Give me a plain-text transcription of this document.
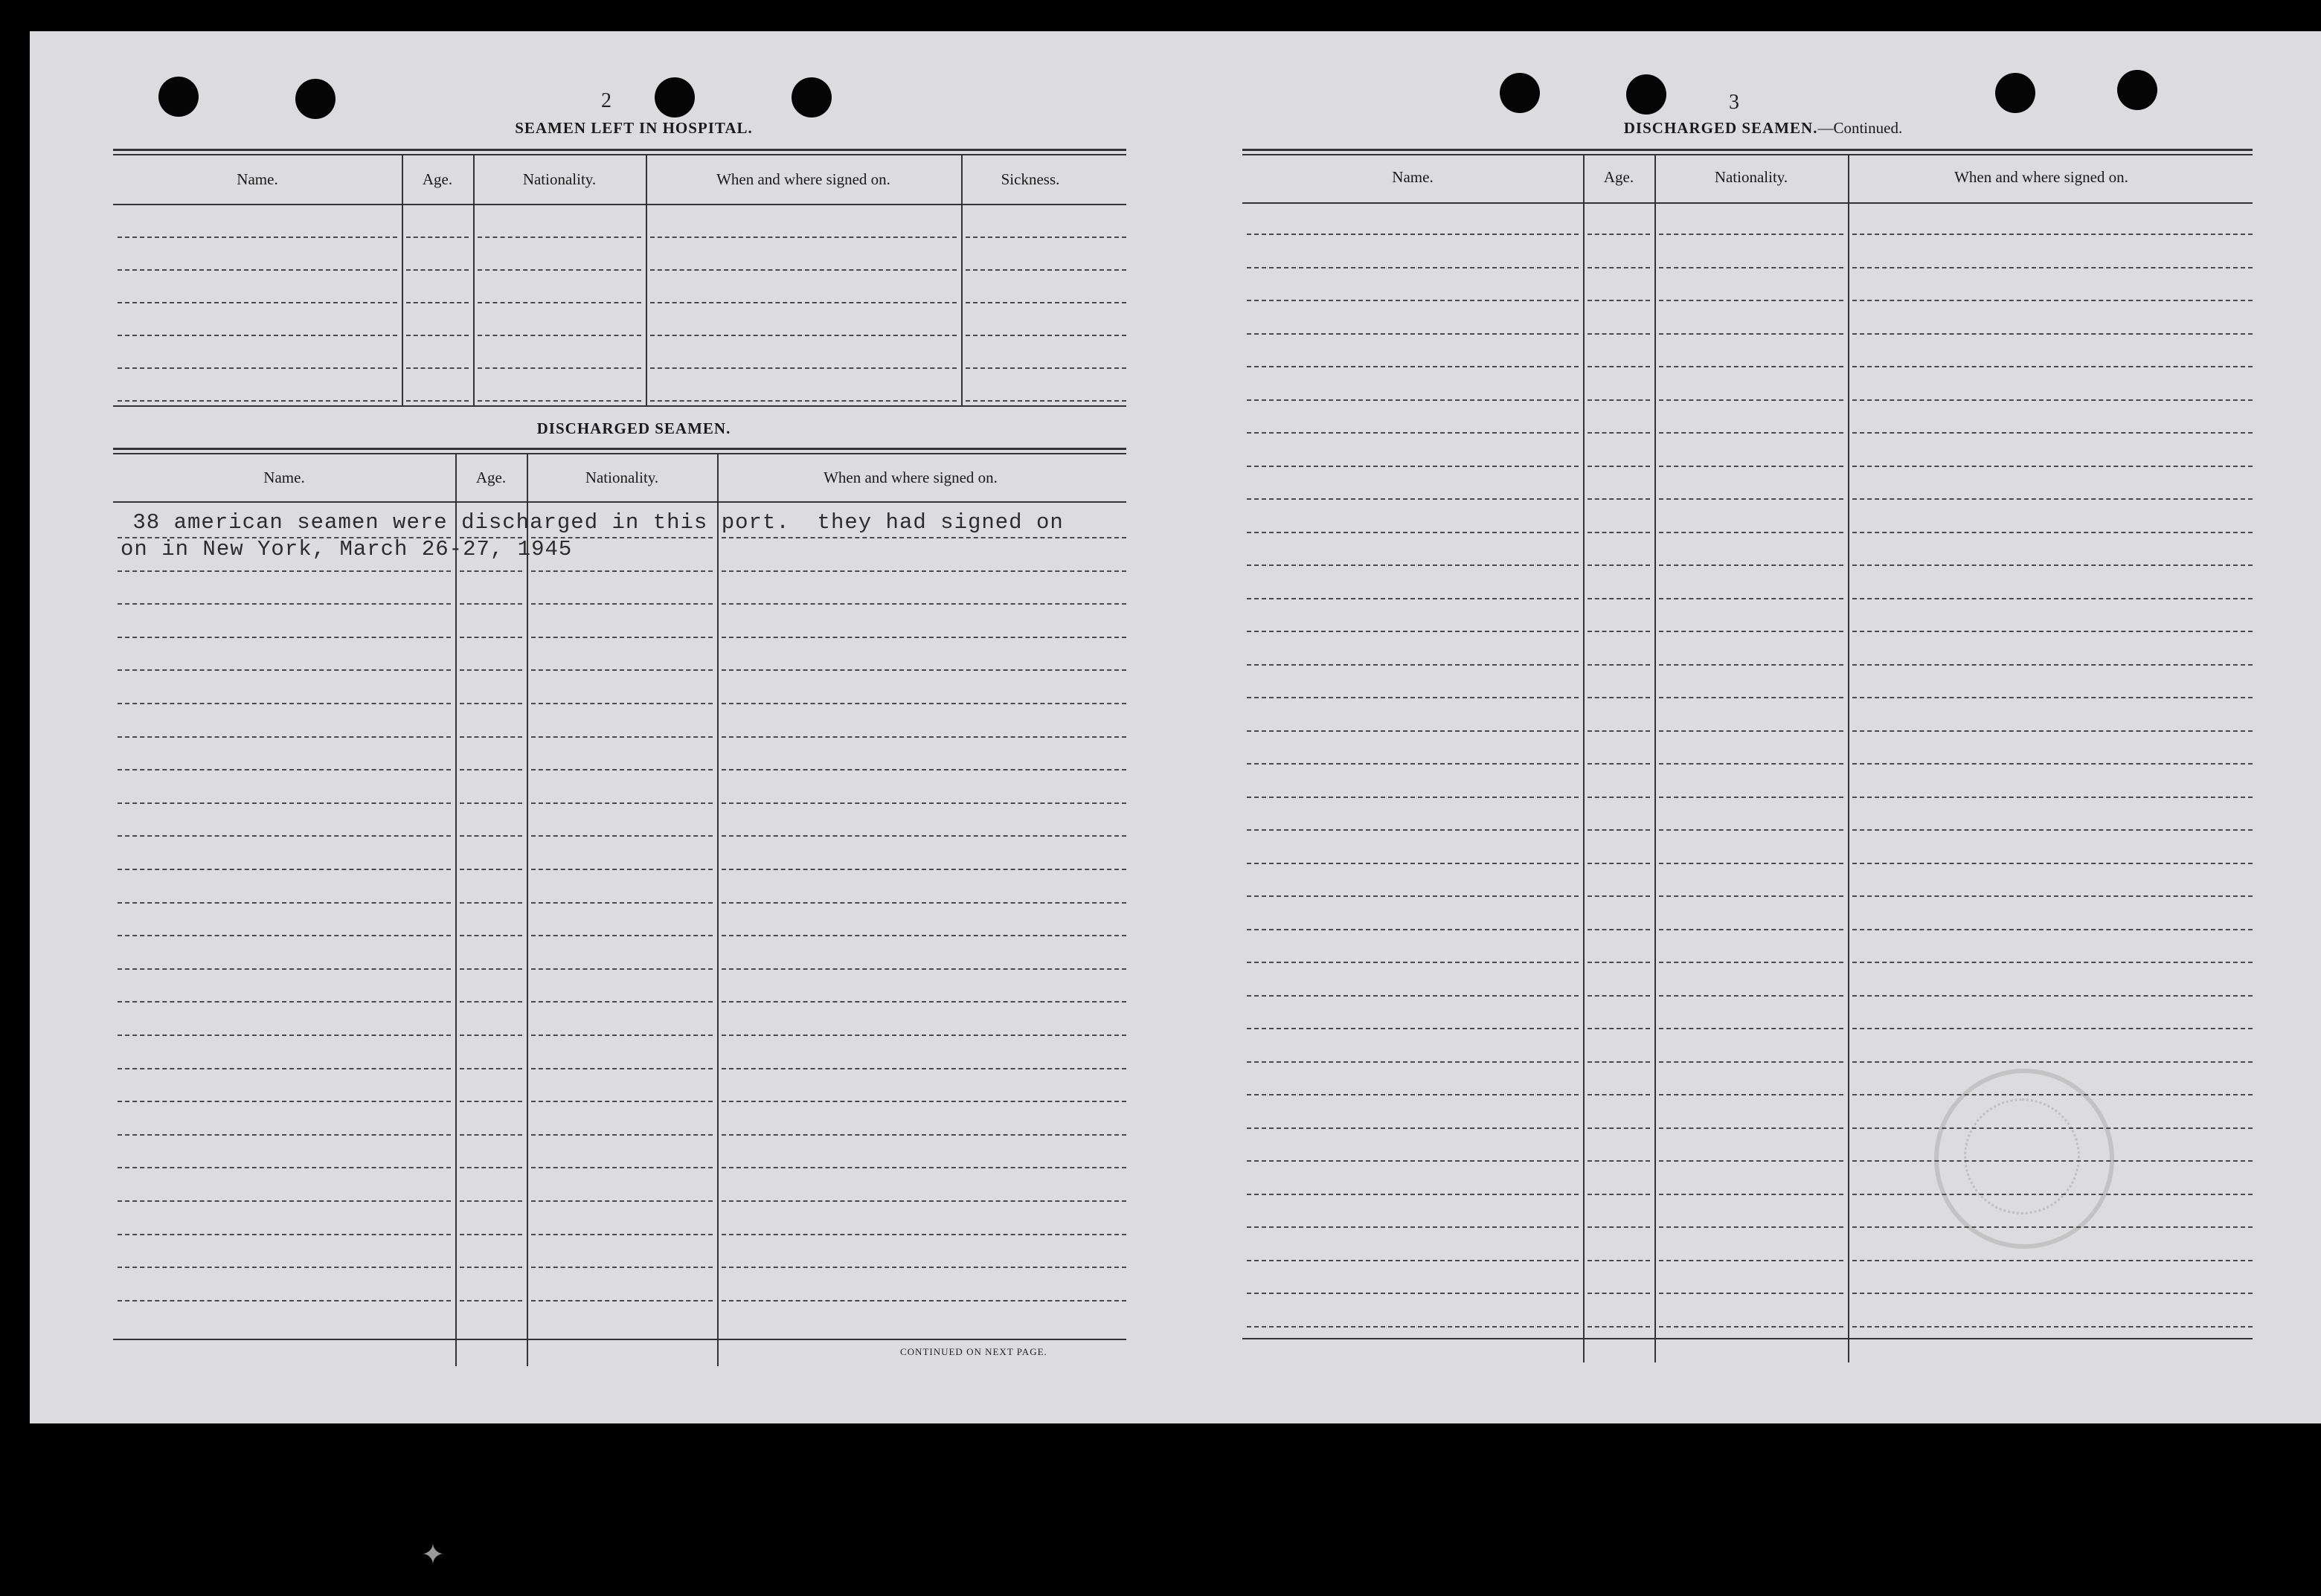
2
SEAMEN LEFT IN HOSPITAL.
Name.	Age.	Nationality.	When and where signed on.	Sickness.
DISCHARGED SEAMEN.
Name.	Age.	Nationality.	When and where signed on.
38 american seamen were discharged in this port.  they had signed on
on in New York, March 26-27, 1945
CONTINUED ON NEXT PAGE.
3
DISCHARGED SEAMEN.—Continued.
Name.	Age.	Nationality.	When and where signed on.
✦
